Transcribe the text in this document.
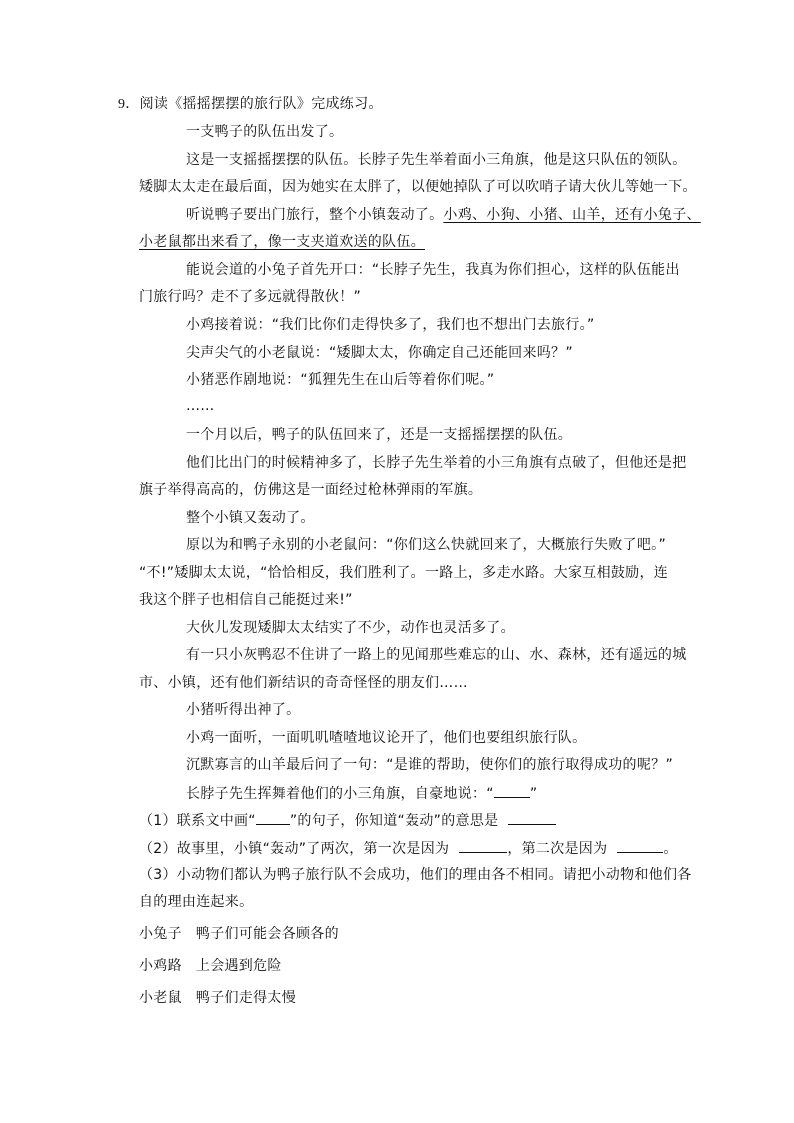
9．阅读《摇摇摆摆的旅行队》完成练习。
一支鸭子的队伍出发了。
这是一支摇摇摆摆的队伍。长脖子先生举着面小三角旗，他是这只队伍的领队。
矮脚太太走在最后面，因为她实在太胖了，以便她掉队了可以吹哨子请大伙儿等她一下。
听说鸭子要出门旅行，整个小镇轰动了。小鸡、小狗、小猪、山羊，还有小兔子、
小老鼠都出来看了，像一支夹道欢送的队伍。
能说会道的小兔子首先开口：“长脖子先生，我真为你们担心，这样的队伍能出
门旅行吗？走不了多远就得散伙！”
小鸡接着说：“我们比你们走得快多了，我们也不想出门去旅行。”
尖声尖气的小老鼠说：“矮脚太太，你确定自己还能回来吗？”
小猪恶作剧地说：“狐狸先生在山后等着你们呢。”
……
一个月以后，鸭子的队伍回来了，还是一支摇摇摆摆的队伍。
他们比出门的时候精神多了，长脖子先生举着的小三角旗有点破了，但他还是把
旗子举得高高的，仿佛这是一面经过枪林弹雨的军旗。
整个小镇又轰动了。
原以为和鸭子永别的小老鼠问：“你们这么快就回来了，大概旅行失败了吧。”
“不!”矮脚太太说，“恰恰相反，我们胜利了。一路上，多走水路。大家互相鼓励，连
我这个胖子也相信自己能挺过来!”
大伙儿发现矮脚太太结实了不少，动作也灵活多了。
有一只小灰鸭忍不住讲了一路上的见闻那些难忘的山、水、森林，还有遥远的城
市、小镇，还有他们新结识的奇奇怪怪的朋友们……
小猪听得出神了。
小鸡一面听，一面叽叽喳喳地议论开了，他们也要组织旅行队。
沉默寡言的山羊最后问了一句：“是谁的帮助，使你们的旅行取得成功的呢？”
长脖子先生挥舞着他们的小三角旗，自豪地说：“	”
（1）联系文中画“ ”的句子，你知道“轰动”的意思是
（2）故事里，小镇“轰动”了两次，第一次是因为	，第二次是因为	。
（3）小动物们都认为鸭子旅行队不会成功，他们的理由各不相同。请把小动物和他们各
自的理由连起来。
小兔子 鸭子们可能会各顾各的
小鸡路 上会遇到危险
小老鼠 鸭子们走得太慢
